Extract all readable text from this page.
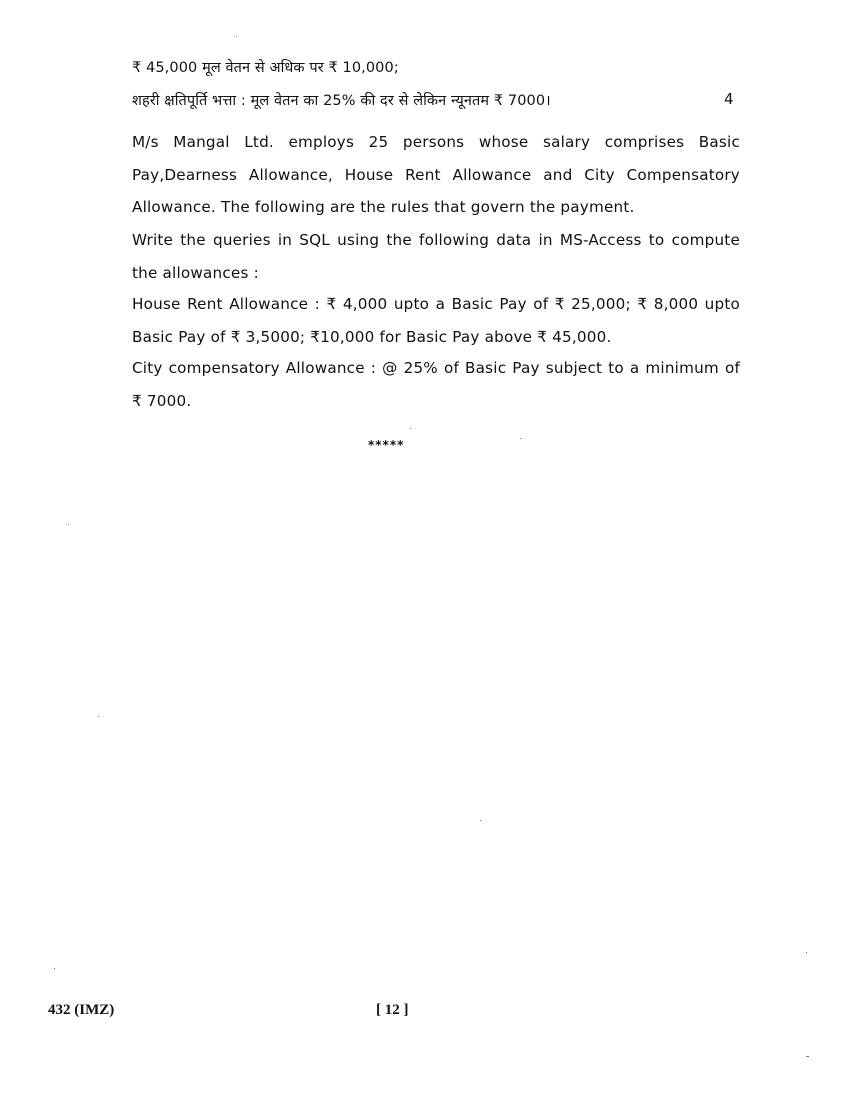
₹ 45,000 मूल वेतन से अधिक पर ₹ 10,000;
शहरी क्षतिपूर्ति भत्ता : मूल वेतन का 25% की दर से लेकिन न्यूनतम ₹ 7000।	4
M/s Mangal Ltd. employs 25 persons whose salary comprises Basic Pay,Dearness Allowance, House Rent Allowance and City Compensatory Allowance. The following are the rules that govern the payment.
Write the queries in SQL using the following data in MS-Access to compute the allowances :
House Rent Allowance : ₹ 4,000 upto a Basic Pay of ₹ 25,000; ₹ 8,000 upto Basic Pay of ₹ 3,5000; ₹10,000 for Basic Pay above ₹ 45,000.
City compensatory Allowance : @ 25% of Basic Pay subject to a minimum of ₹ 7000.
*****
432 (IMZ)	[ 12 ]
